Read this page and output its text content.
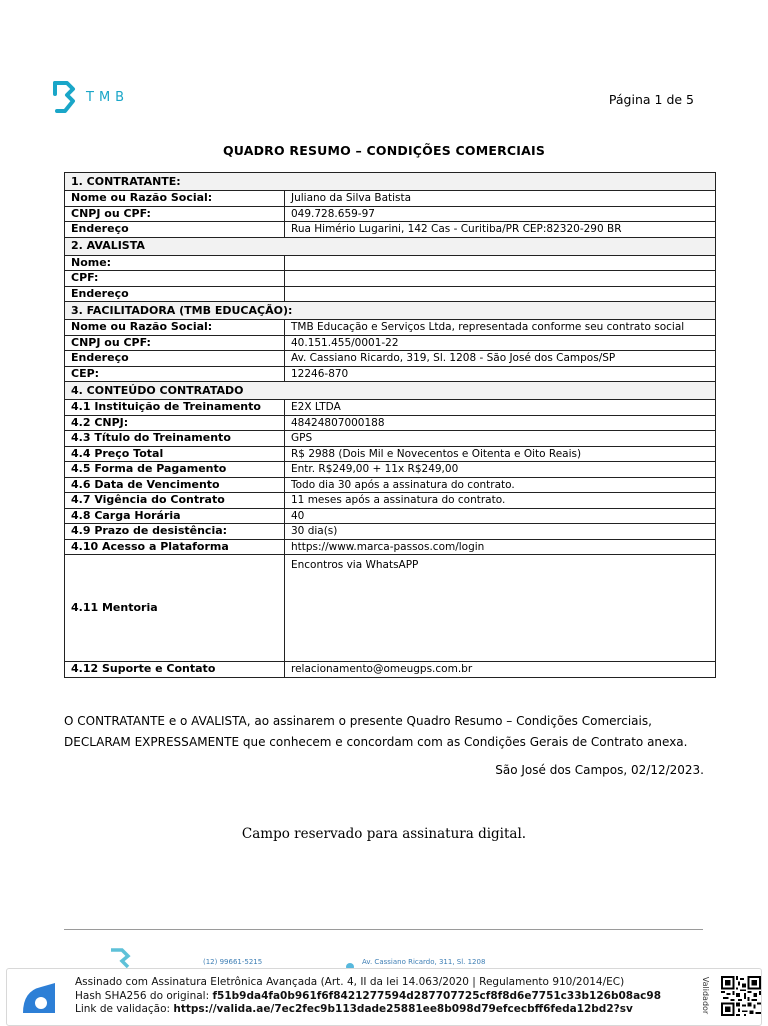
TMB	Página 1 de 5
QUADRO RESUMO – CONDIÇÕES COMERCIAIS
1. CONTRATANTE:	
Nome ou Razão Social:	Juliano da Silva Batista
CNPJ ou CPF:	049.728.659-97
Endereço	Rua Himério Lugarini, 142 Cas - Curitiba/PR CEP:82320-290 BR
2. AVALISTA	
Nome:	
CPF:	
Endereço	
3. FACILITADORA (TMB EDUCAÇÃO):	
Nome ou Razão Social:	TMB Educação e Serviços Ltda, representada conforme seu contrato social
CNPJ ou CPF:	40.151.455/0001-22
Endereço	Av. Cassiano Ricardo, 319, Sl. 1208 - São José dos Campos/SP
CEP:	12246-870
4. CONTEÚDO CONTRATADO	
4.1 Instituição de Treinamento	E2X LTDA
4.2 CNPJ:	48424807000188
4.3 Título do Treinamento	GPS
4.4 Preço Total	R$ 2988 (Dois Mil e Novecentos e Oitenta e Oito Reais)
4.5 Forma de Pagamento	Entr. R$249,00 + 11x R$249,00
4.6 Data de Vencimento	Todo dia 30 após a assinatura do contrato.
4.7 Vigência do Contrato	11 meses após a assinatura do contrato.
4.8 Carga Horária	40
4.9 Prazo de desistência:	30 dia(s)
4.10 Acesso a Plataforma	https://www.marca-passos.com/login
4.11 Mentoria	Encontros via WhatsAPP
4.12 Suporte e Contato	relacionamento@omeugps.com.br
O CONTRATANTE e o AVALISTA, ao assinarem o presente Quadro Resumo – Condições Comerciais, DECLARAM EXPRESSAMENTE que conhecem e concordam com as Condições Gerais de Contrato anexa.
São José dos Campos, 02/12/2023.
Campo reservado para assinatura digital.
(12) 99661-5215	Av. Cassiano Ricardo, 311, Sl. 1208
Assinado com Assinatura Eletrônica Avançada (Art. 4, II da lei 14.063/2020 | Regulamento 910/2014/EC)
Hash SHA256 do original: f51b9da4fa0b961f6f8421277594d287707725cf8f8d6e7751c33b126b08ac98
Link de validação: https://valida.ae/7ec2fec9b113dade25881ee8b098d79efcecbff6feda12bd2?sv	Validador
